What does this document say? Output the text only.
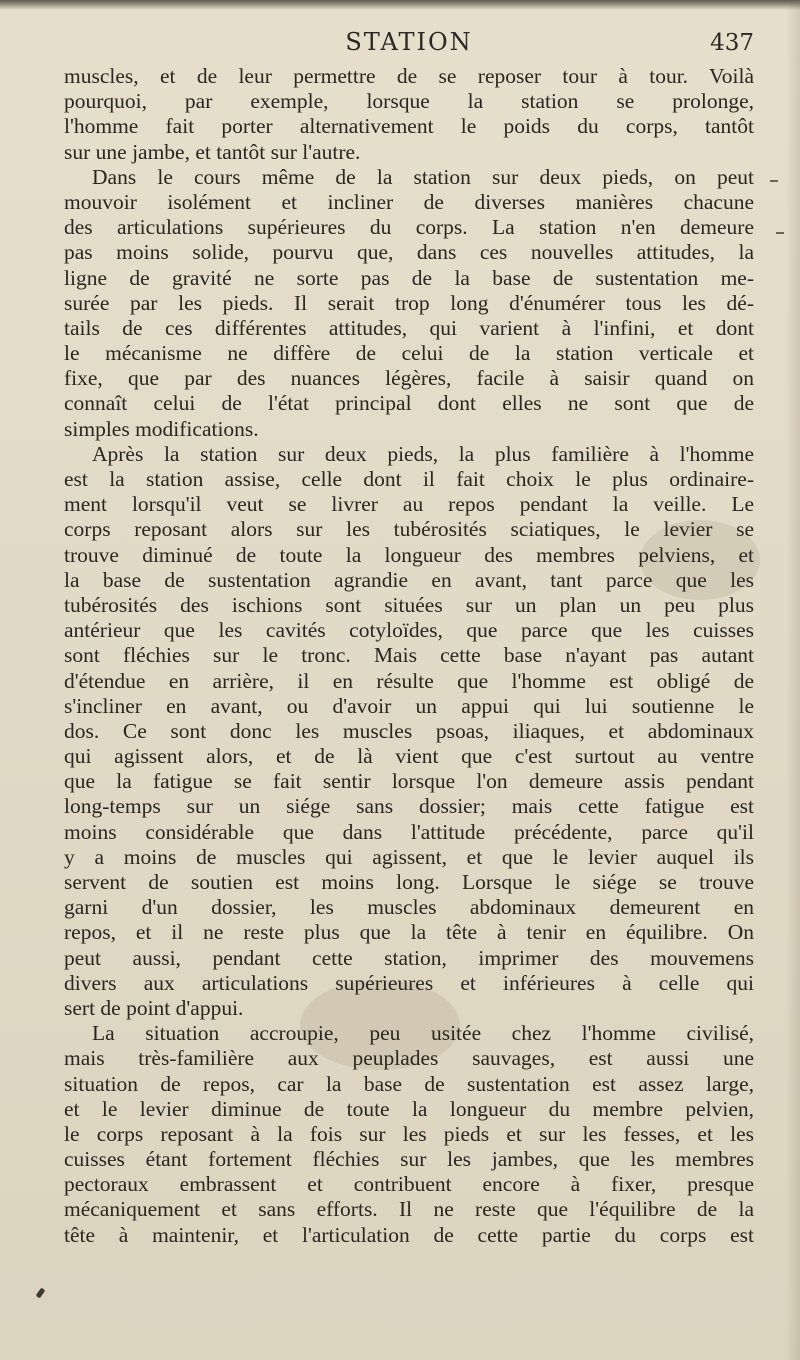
STATION	437
muscles, et de leur permettre de se reposer tour à tour. Voilà
pourquoi, par exemple, lorsque la station se prolonge,
l'homme fait porter alternativement le poids du corps, tantôt
sur une jambe, et tantôt sur l'autre.
Dans le cours même de la station sur deux pieds, on peut
mouvoir isolément et incliner de diverses manières chacune
des articulations supérieures du corps. La station n'en demeure
pas moins solide, pourvu que, dans ces nouvelles attitudes, la
ligne de gravité ne sorte pas de la base de sustentation me-
surée par les pieds. Il serait trop long d'énumérer tous les dé-
tails de ces différentes attitudes, qui varient à l'infini, et dont
le mécanisme ne diffère de celui de la station verticale et
fixe, que par des nuances légères, facile à saisir quand on
connaît celui de l'état principal dont elles ne sont que de
simples modifications.
Après la station sur deux pieds, la plus familière à l'homme
est la station assise, celle dont il fait choix le plus ordinaire-
ment lorsqu'il veut se livrer au repos pendant la veille. Le
corps reposant alors sur les tubérosités sciatiques, le levier se
trouve diminué de toute la longueur des membres pelviens, et
la base de sustentation agrandie en avant, tant parce que les
tubérosités des ischions sont situées sur un plan un peu plus
antérieur que les cavités cotyloïdes, que parce que les cuisses
sont fléchies sur le tronc. Mais cette base n'ayant pas autant
d'étendue en arrière, il en résulte que l'homme est obligé de
s'incliner en avant, ou d'avoir un appui qui lui soutienne le
dos. Ce sont donc les muscles psoas, iliaques, et abdominaux
qui agissent alors, et de là vient que c'est surtout au ventre
que la fatigue se fait sentir lorsque l'on demeure assis pendant
long-temps sur un siége sans dossier; mais cette fatigue est
moins considérable que dans l'attitude précédente, parce qu'il
y a moins de muscles qui agissent, et que le levier auquel ils
servent de soutien est moins long. Lorsque le siége se trouve
garni d'un dossier, les muscles abdominaux demeurent en
repos, et il ne reste plus que la tête à tenir en équilibre. On
peut aussi, pendant cette station, imprimer des mouvemens
divers aux articulations supérieures et inférieures à celle qui
sert de point d'appui.
La situation accroupie, peu usitée chez l'homme civilisé,
mais très-familière aux peuplades sauvages, est aussi une
situation de repos, car la base de sustentation est assez large,
et le levier diminue de toute la longueur du membre pelvien,
le corps reposant à la fois sur les pieds et sur les fesses, et les
cuisses étant fortement fléchies sur les jambes, que les membres
pectoraux embrassent et contribuent encore à fixer, presque
mécaniquement et sans efforts. Il ne reste que l'équilibre de la
tête à maintenir, et l'articulation de cette partie du corps est
